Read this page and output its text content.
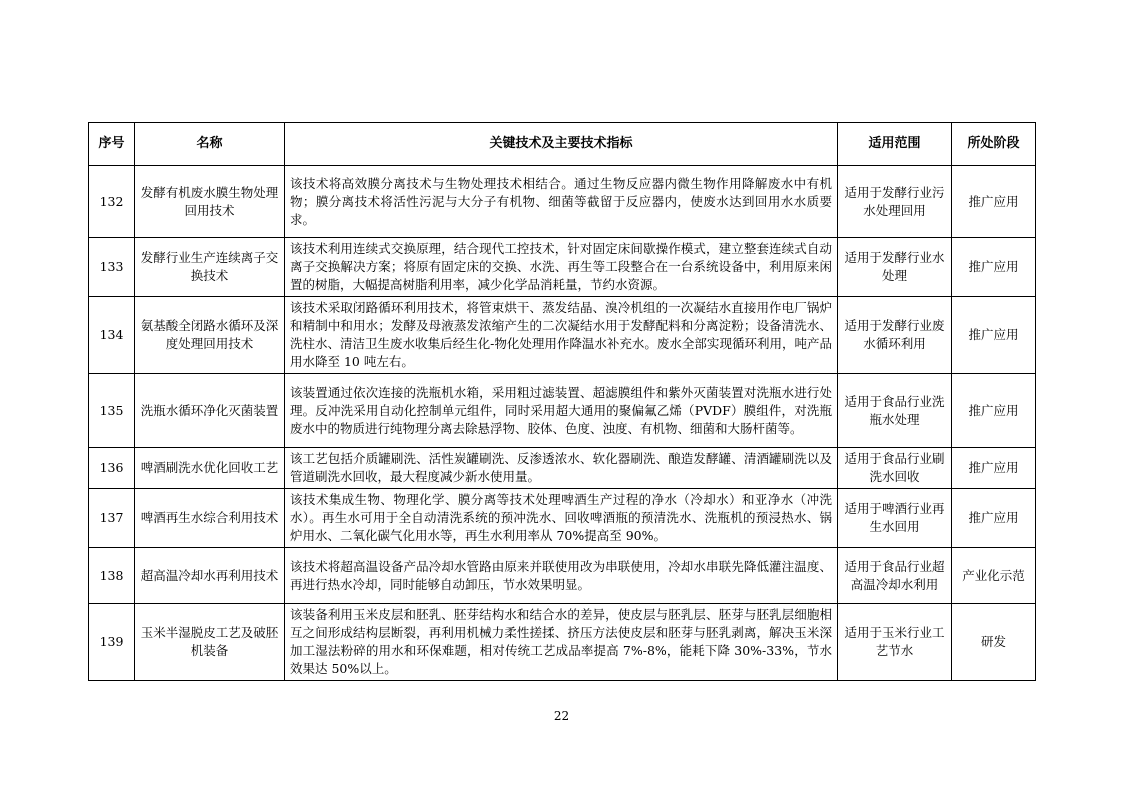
序号	名称	关键技术及主要技术指标	适用范围	所处阶段
132	发酵有机废水膜生物处理回用技术	该技术将高效膜分离技术与生物处理技术相结合。通过生物反应器内微生物作用降解废水中有机物；膜分离技术将活性污泥与大分子有机物、细菌等截留于反应器内，使废水达到回用水水质要求。	适用于发酵行业污水处理回用	推广应用
133	发酵行业生产连续离子交换技术	该技术利用连续式交换原理，结合现代工控技术，针对固定床间歇操作模式，建立整套连续式自动离子交换解决方案；将原有固定床的交换、水洗、再生等工段整合在一台系统设备中，利用原来闲置的树脂，大幅提高树脂利用率，减少化学品消耗量，节约水资源。	适用于发酵行业水处理	推广应用
134	氨基酸全闭路水循环及深度处理回用技术	该技术采取闭路循环利用技术，将管束烘干、蒸发结晶、溴冷机组的一次凝结水直接用作电厂锅炉和精制中和用水；发酵及母液蒸发浓缩产生的二次凝结水用于发酵配料和分离淀粉；设备清洗水、洗柱水、清洁卫生废水收集后经生化-物化处理用作降温水补充水。废水全部实现循环利用，吨产品用水降至 10 吨左右。	适用于发酵行业废水循环利用	推广应用
135	洗瓶水循环净化灭菌装置	该装置通过依次连接的洗瓶机水箱，采用粗过滤装置、超滤膜组件和紫外灭菌装置对洗瓶水进行处理。反冲洗采用自动化控制单元组件，同时采用超大通用的聚偏氟乙烯（PVDF）膜组件，对洗瓶废水中的物质进行纯物理分离去除悬浮物、胶体、色度、浊度、有机物、细菌和大肠杆菌等。	适用于食品行业洗瓶水处理	推广应用
136	啤酒刷洗水优化回收工艺	该工艺包括介质罐刷洗、活性炭罐刷洗、反渗透浓水、软化器刷洗、酿造发酵罐、清酒罐刷洗以及管道刷洗水回收，最大程度减少新水使用量。	适用于食品行业刷洗水回收	推广应用
137	啤酒再生水综合利用技术	该技术集成生物、物理化学、膜分离等技术处理啤酒生产过程的净水（冷却水）和亚净水（冲洗水）。再生水可用于全自动清洗系统的预冲洗水、回收啤酒瓶的预清洗水、洗瓶机的预浸热水、锅炉用水、二氧化碳气化用水等，再生水利用率从 70%提高至 90%。	适用于啤酒行业再生水回用	推广应用
138	超高温冷却水再利用技术	该技术将超高温设备产品冷却水管路由原来并联使用改为串联使用，冷却水串联先降低灌注温度、再进行热水冷却，同时能够自动卸压，节水效果明显。	适用于食品行业超高温冷却水利用	产业化示范
139	玉米半湿脱皮工艺及破胚机装备	该装备利用玉米皮层和胚乳、胚芽结构水和结合水的差异，使皮层与胚乳层、胚芽与胚乳层细胞相互之间形成结构层断裂，再利用机械力柔性搓揉、挤压方法使皮层和胚芽与胚乳剥离，解决玉米深加工湿法粉碎的用水和环保难题，相对传统工艺成品率提高 7%-8%，能耗下降 30%-33%，节水效果达 50%以上。	适用于玉米行业工艺节水	研发
22
